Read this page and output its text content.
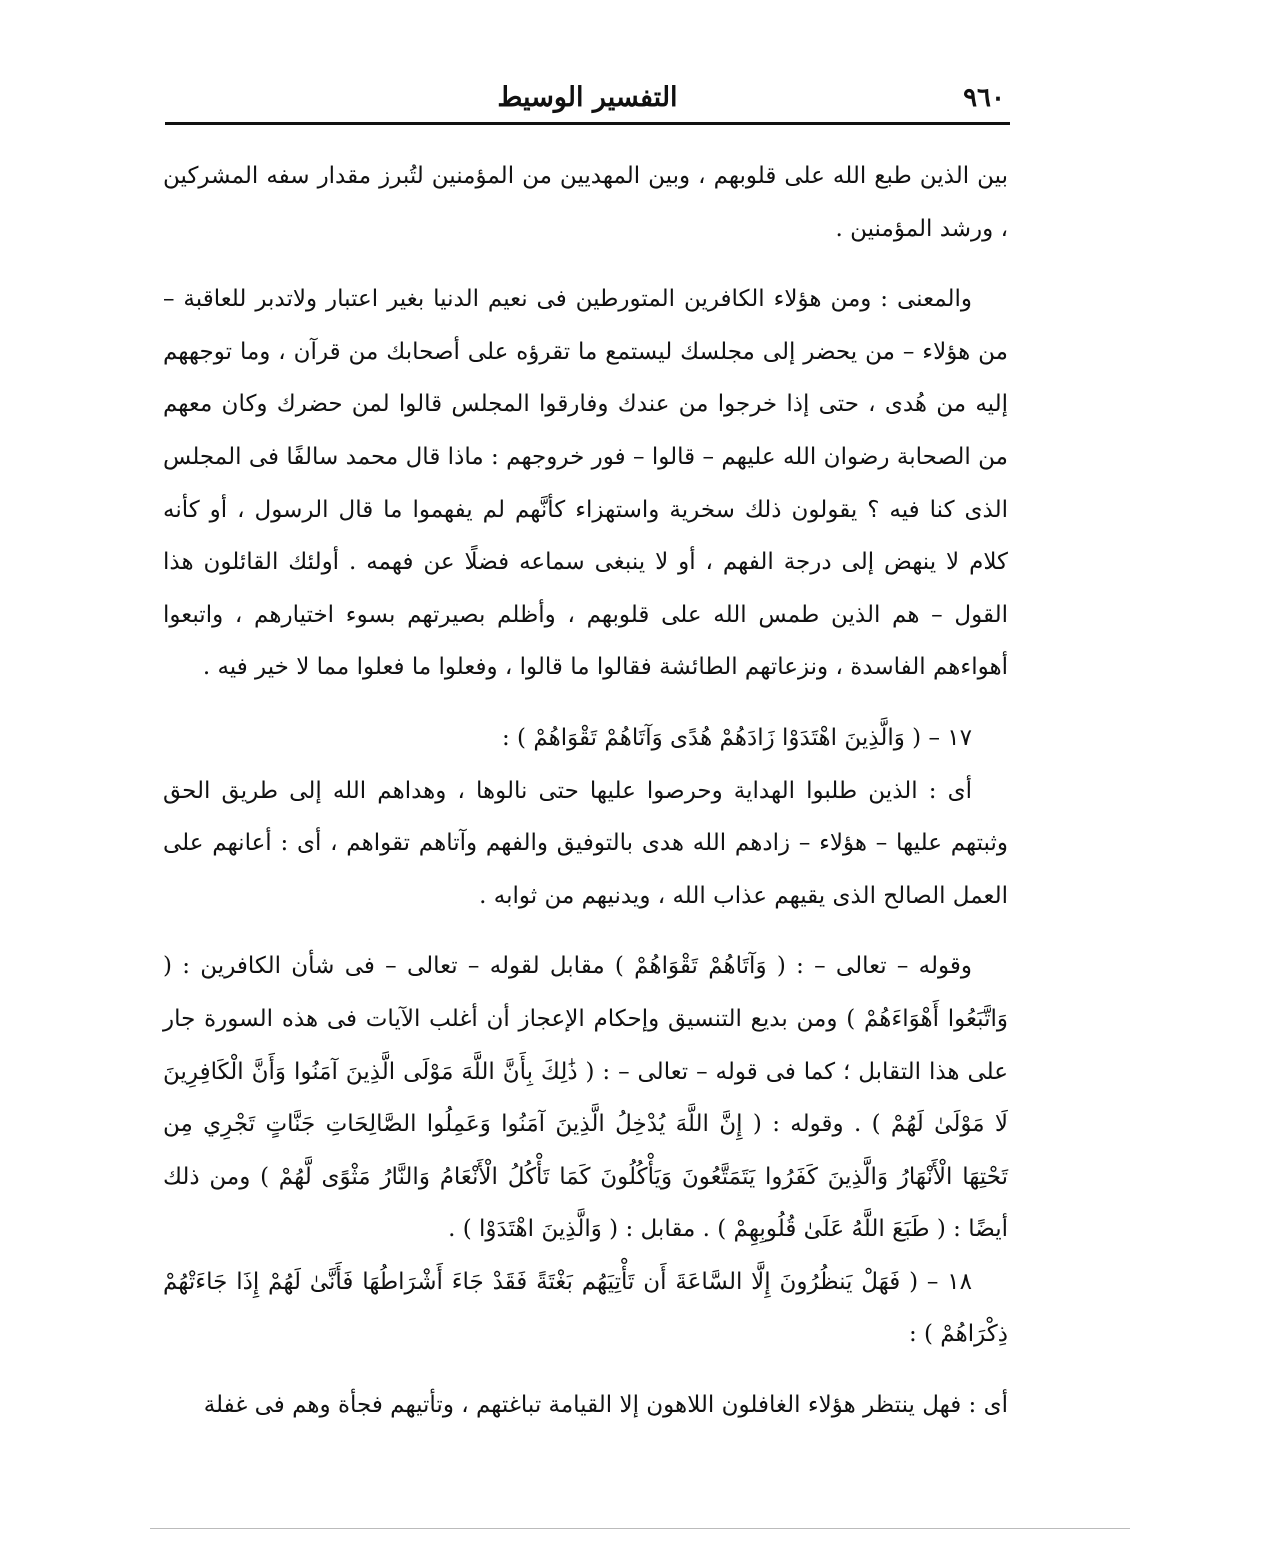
التفسير الوسيط	٩٦٠

بين الذين طبع الله على قلوبهم ، وبين المهديين من المؤمنين لتُبرز مقدار سفه المشركين ، ورشد المؤمنين .

والمعنى : ومن هؤلاء الكافرين المتورطين فى نعيم الدنيا بغير اعتبار ولاتدبر للعاقبة – من هؤلاء – من يحضر إلى مجلسك ليستمع ما تقرؤه على أصحابك من قرآن ، وما توجههم إليه من هُدى ، حتى إذا خرجوا من عندك وفارقوا المجلس قالوا لمن حضرك وكان معهم من الصحابة رضوان الله عليهم – قالوا – فور خروجهم : ماذا قال محمد سالفًا فى المجلس الذى كنا فيه ؟ يقولون ذلك سخرية واستهزاء كأنَّهم لم يفهموا ما قال الرسول ، أو كأنه كلام لا ينهض إلى درجة الفهم ، أو لا ينبغى سماعه فضلًا عن فهمه . أولئك القائلون هذا القول – هم الذين طمس الله على قلوبهم ، وأظلم بصيرتهم بسوء اختيارهم ، واتبعوا أهواءهم الفاسدة ، ونزعاتهم الطائشة فقالوا ما قالوا ، وفعلوا ما فعلوا مما لا خير فيه .

١٧ – ( وَالَّذِينَ اهْتَدَوْا زَادَهُمْ هُدًى وَآتَاهُمْ تَقْوَاهُمْ ) :

أى : الذين طلبوا الهداية وحرصوا عليها حتى نالوها ، وهداهم الله إلى طريق الحق وثبتهم عليها – هؤلاء – زادهم الله هدى بالتوفيق والفهم وآتاهم تقواهم ، أى : أعانهم على العمل الصالح الذى يقيهم عذاب الله ، ويدنيهم من ثوابه .

وقوله – تعالى – : ( وَآتَاهُمْ تَقْوَاهُمْ ) مقابل لقوله – تعالى – فى شأن الكافرين : ( وَاتَّبَعُوا أَهْوَاءَهُمْ ) ومن بديع التنسيق وإحكام الإعجاز أن أغلب الآيات فى هذه السورة جار على هذا التقابل ؛ كما فى قوله – تعالى – : ( ذَٰلِكَ بِأَنَّ اللَّهَ مَوْلَى الَّذِينَ آمَنُوا وَأَنَّ الْكَافِرِينَ لَا مَوْلَىٰ لَهُمْ ) . وقوله : ( إِنَّ اللَّهَ يُدْخِلُ الَّذِينَ آمَنُوا وَعَمِلُوا الصَّالِحَاتِ جَنَّاتٍ تَجْرِي مِن تَحْتِهَا الْأَنْهَارُ وَالَّذِينَ كَفَرُوا يَتَمَتَّعُونَ وَيَأْكُلُونَ كَمَا تَأْكُلُ الْأَنْعَامُ وَالنَّارُ مَثْوًى لَّهُمْ ) ومن ذلك أيضًا : ( طَبَعَ اللَّهُ عَلَىٰ قُلُوبِهِمْ ) . مقابل : ( وَالَّذِينَ اهْتَدَوْا ) .

١٨ – ( فَهَلْ يَنظُرُونَ إِلَّا السَّاعَةَ أَن تَأْتِيَهُم بَغْتَةً فَقَدْ جَاءَ أَشْرَاطُهَا فَأَنَّىٰ لَهُمْ إِذَا جَاءَتْهُمْ ذِكْرَاهُمْ ) :

أى : فهل ينتظر هؤلاء الغافلون اللاهون إلا القيامة تباغتهم ، وتأتيهم فجأة وهم فى غفلة
